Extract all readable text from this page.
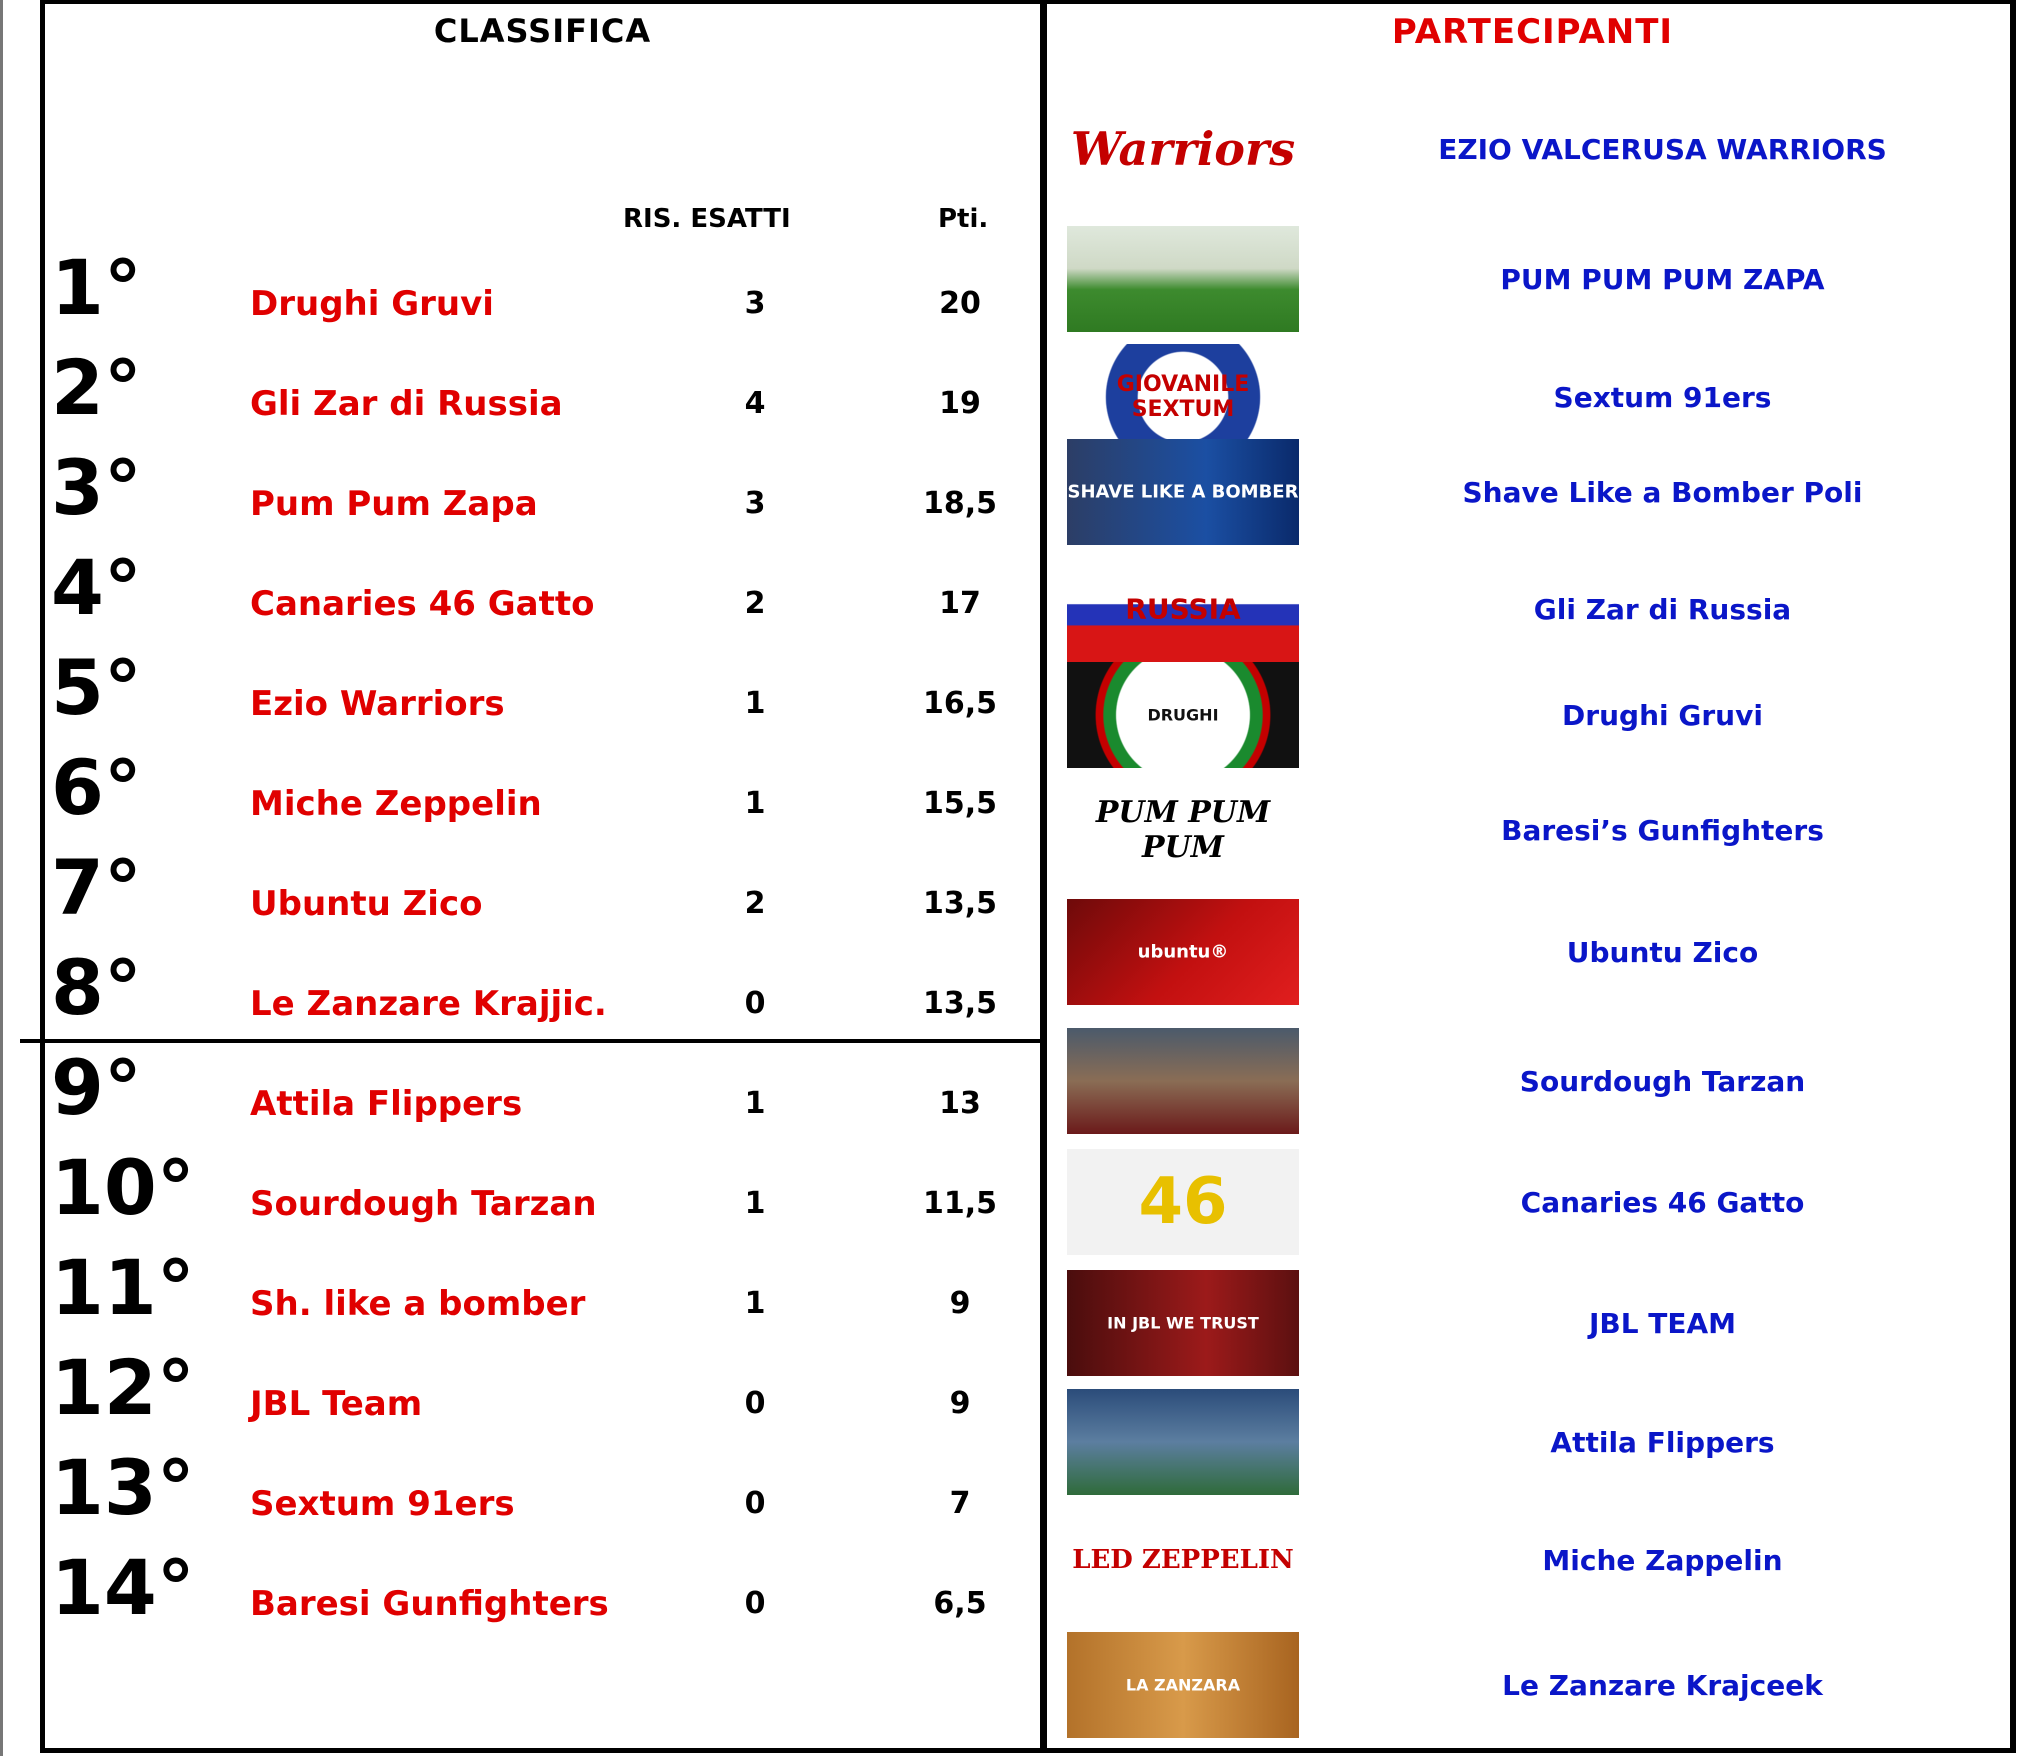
CLASSIFICA
RIS. ESATTI	Pti.
1°	Drughi Gruvi	3	20
2°	Gli Zar di Russia	4	19
3°	Pum Pum Zapa	3	18,5
4°	Canaries 46 Gatto	2	17
5°	Ezio Warriors	1	16,5
6°	Miche Zeppelin	1	15,5
7°	Ubuntu Zico	2	13,5
8°	Le Zanzare Krajjic.	0	13,5
9°	Attila Flippers	1	13
10° Sourdough Tarzan	1	11,5
11° Sh. like a bomber	1	9
12° JBL Team	0	9
13° Sextum 91ers	0	7
14° Baresi Gunfighters	0	6,5
PARTECIPANTI
Warriors	EZIO VALCERUSA WARRIORS
PUM PUM PUM ZAPA
GIOVANILE SEXTUM	Sextum 91ers
SHAVE LIKE A BOMBER	Shave Like a Bomber Poli
RUSSIA	Gli Zar di Russia
DRUGHI	Drughi Gruvi
PUM PUM PUM	Baresi’s Gunfighters
ubuntu®	Ubuntu Zico
Sourdough Tarzan
46	Canaries 46 Gatto
IN JBL WE TRUST	JBL TEAM
Attila Flippers
LED ZEPPELIN	Miche Zappelin
LA ZANZARA	Le Zanzare Krajceek
